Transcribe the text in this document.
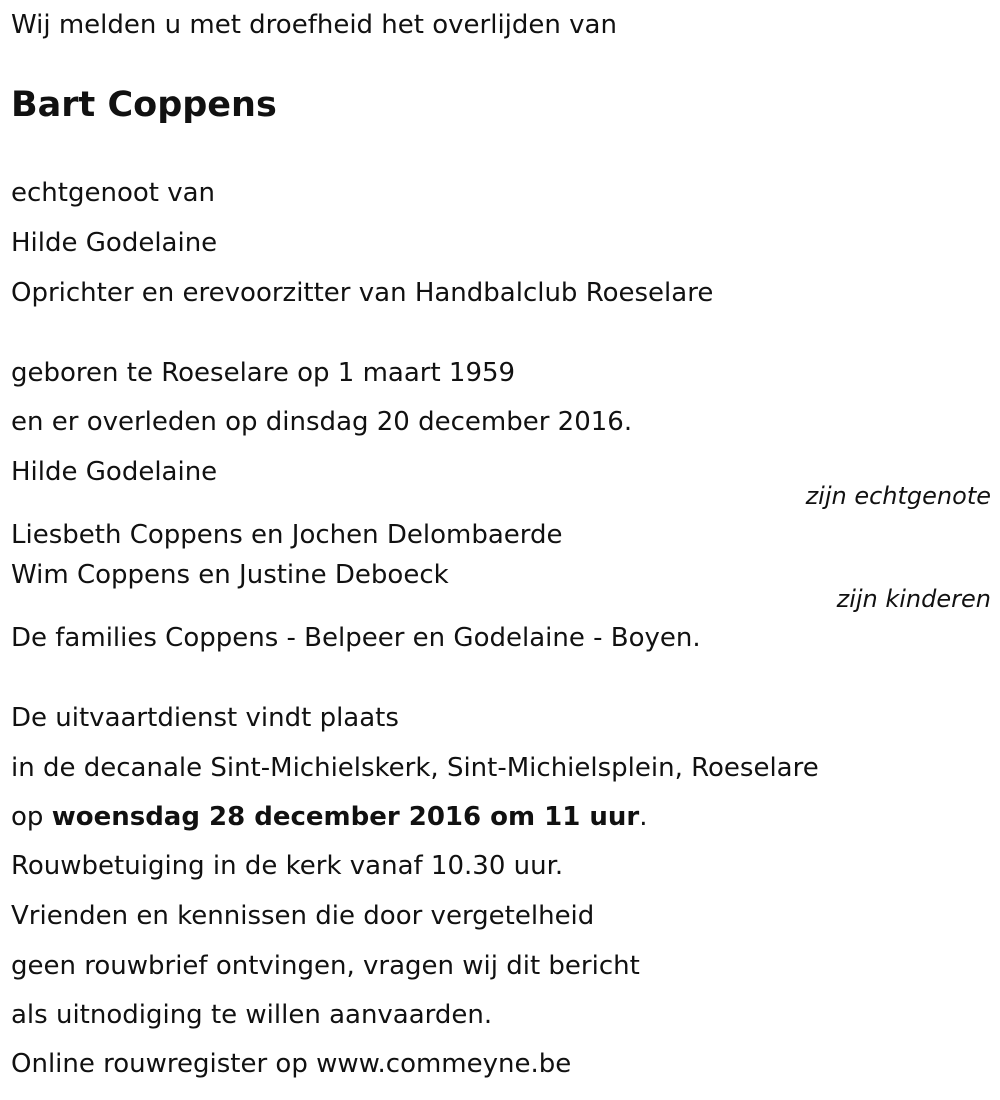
Wij melden u met droefheid het overlijden van
Bart Coppens
echtgenoot van
Hilde Godelaine
Oprichter en erevoorzitter van Handbalclub Roeselare
geboren te Roeselare op 1 maart 1959
en er overleden op dinsdag 20 december 2016.
Hilde Godelaine
zijn echtgenote
Liesbeth Coppens en Jochen Delombaerde
Wim Coppens en Justine Deboeck
zijn kinderen
De families Coppens - Belpeer en Godelaine - Boyen.
De uitvaartdienst vindt plaats
in de decanale Sint-Michielskerk, Sint-Michielsplein, Roeselare
op woensdag 28 december 2016 om 11 uur.
Rouwbetuiging in de kerk vanaf 10.30 uur.
Vrienden en kennissen die door vergetelheid
geen rouwbrief ontvingen, vragen wij dit bericht
als uitnodiging te willen aanvaarden.
Online rouwregister op www.commeyne.be
